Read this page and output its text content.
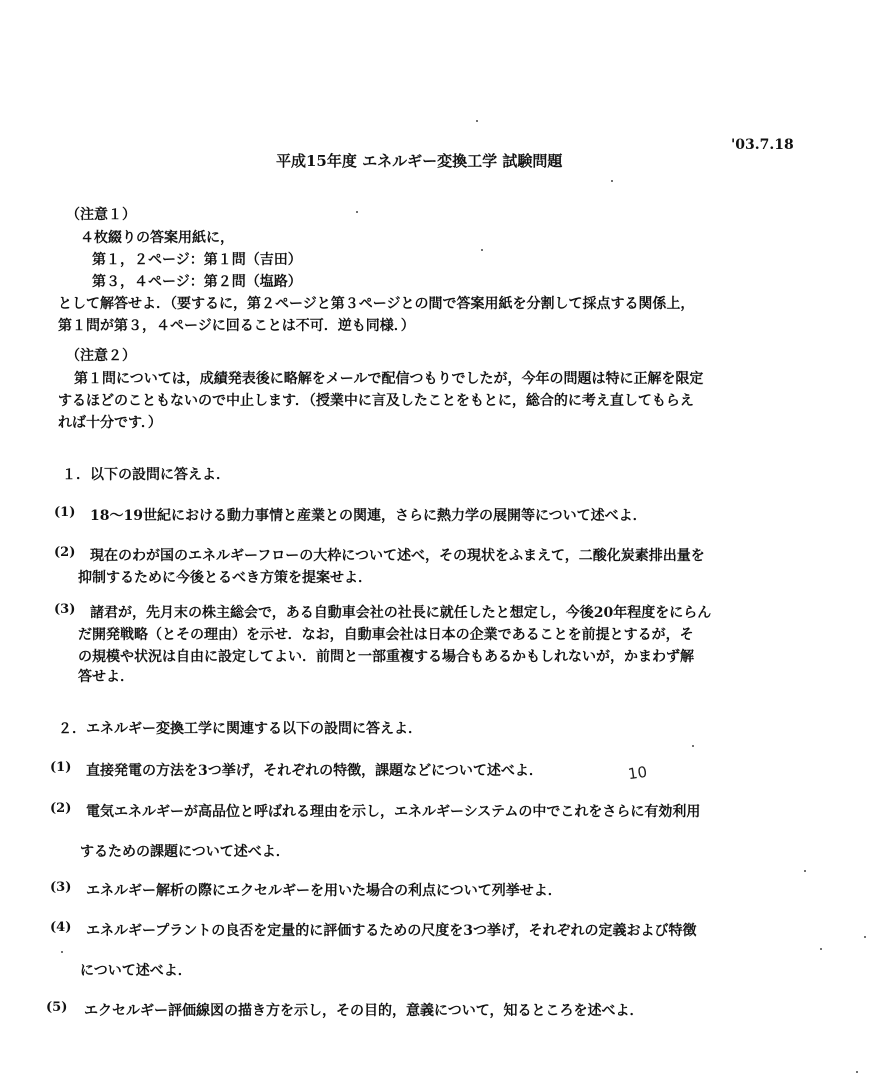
'03.7.18
平成15年度 エネルギー変換工学 試験問題
（注意１）
４枚綴りの答案用紙に，
第１，２ページ：第１問（吉田）
第３，４ページ：第２問（塩路）
として解答せよ．（要するに，第２ページと第３ページとの間で答案用紙を分割して採点する関係上，
第１問が第３，４ページに回ることは不可．逆も同様．）
（注意２）
第１問については，成績発表後に略解をメールで配信つもりでしたが，今年の問題は特に正解を限定
するほどのこともないので中止します．（授業中に言及したことをもとに，総合的に考え直してもらえ
れば十分です．）
１．以下の設問に答えよ．
(1) 18～19世紀における動力事情と産業との関連，さらに熱力学の展開等について述べよ．
(2) 現在のわが国のエネルギーフローの大枠について述べ，その現状をふまえて，二酸化炭素排出量を
抑制するために今後とるべき方策を提案せよ．
(3) 諸君が，先月末の株主総会で，ある自動車会社の社長に就任したと想定し，今後20年程度をにらん
だ開発戦略（とその理由）を示せ．なお，自動車会社は日本の企業であることを前提とするが，そ
の規模や状況は自由に設定してよい．前問と一部重複する場合もあるかもしれないが，かまわず解
答せよ．
２．エネルギー変換工学に関連する以下の設問に答えよ．
(1) 直接発電の方法を3つ挙げ，それぞれの特徴，課題などについて述べよ．	10
(2) 電気エネルギーが高品位と呼ばれる理由を示し，エネルギーシステムの中でこれをさらに有効利用
するための課題について述べよ．
(3) エネルギー解析の際にエクセルギーを用いた場合の利点について列挙せよ．
(4) エネルギープラントの良否を定量的に評価するための尺度を3つ挙げ，それぞれの定義および特徴
について述べよ．
(5) エクセルギー評価線図の描き方を示し，その目的，意義について，知るところを述べよ．
